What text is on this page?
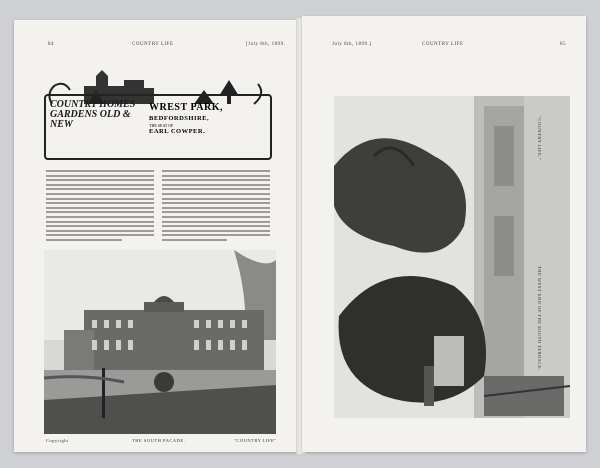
84	COUNTRY LIFE	[July 8th, 1899.
COUNTRY HOMES GARDENS OLD & NEW
WREST PARK,
BEDFORDSHIRE,
THE SEAT OF
EARL COWPER.
Copyright	THE SOUTH FACADE.	"COUNTRY LIFE"
July 8th, 1899.]	COUNTRY LIFE	85
THE WEST END OF THE SOUTH TERRACE.
"COUNTRY LIFE."
